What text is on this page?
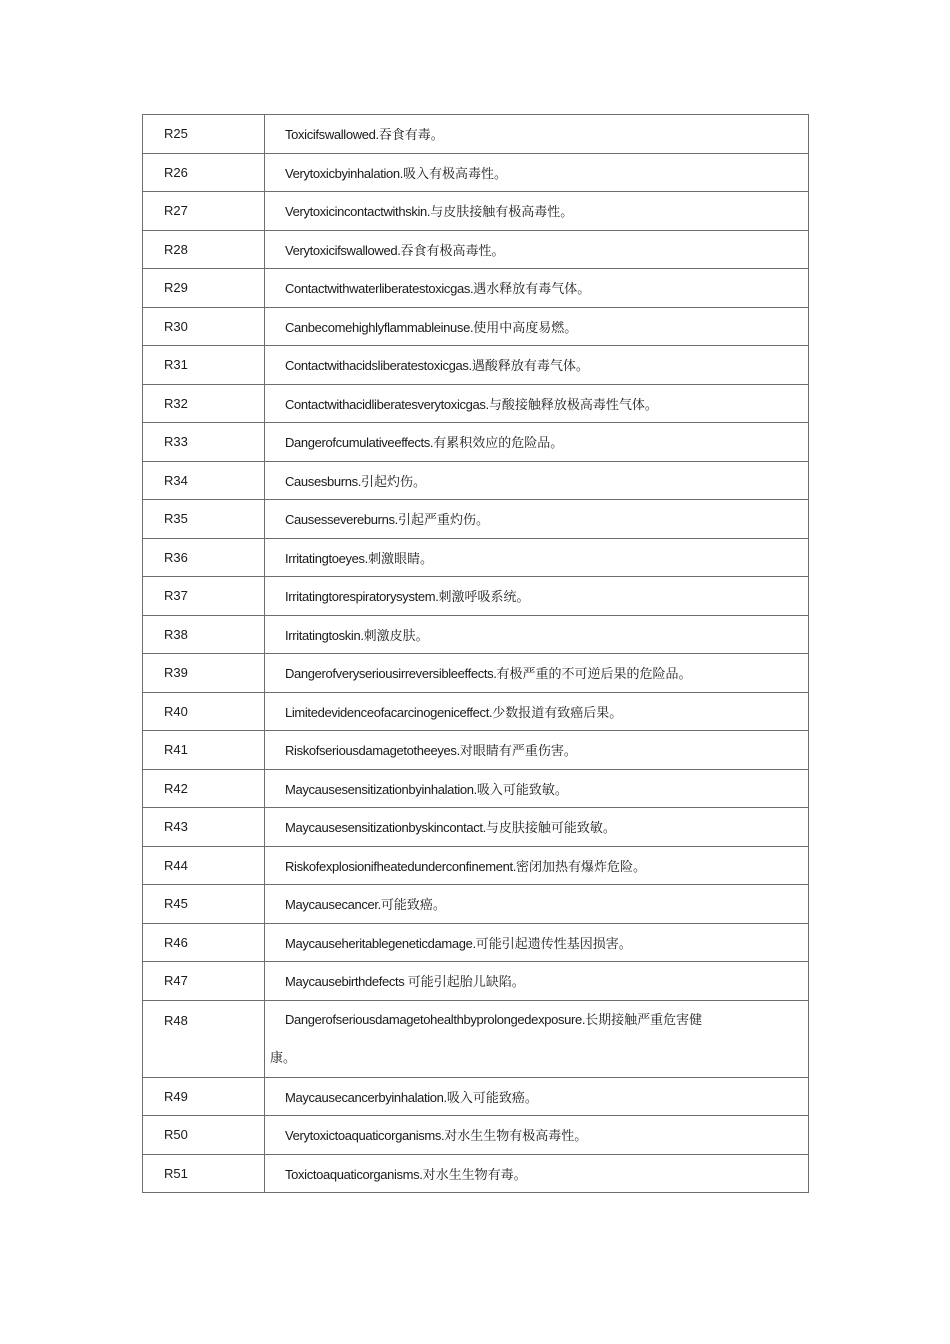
R25	Toxicifswallowed.吞食有毒。
R26	Verytoxicbyinhalation.吸入有极高毒性。
R27	Verytoxicincontactwithskin.与皮肤接触有极高毒性。
R28	Verytoxicifswallowed.吞食有极高毒性。
R29	Contactwithwaterliberatestoxicgas.遇水释放有毒气体。
R30	Canbecomehighlyflammableinuse.使用中高度易燃。
R31	Contactwithacidsliberatestoxicgas.遇酸释放有毒气体。
R32	Contactwithacidliberatesverytoxicgas.与酸接触释放极高毒性气体。
R33	Dangerofcumulativeeffects.有累积效应的危险品。
R34	Causesburns.引起灼伤。
R35	Causessevereburns.引起严重灼伤。
R36	Irritatingtoeyes.刺激眼睛。
R37	Irritatingtorespiratorysystem.刺激呼吸系统。
R38	Irritatingtoskin.刺激皮肤。
R39	Dangerofveryseriousirreversibleeffects.有极严重的不可逆后果的危险品。
R40	Limitedevidenceofacarcinogeniceffect.少数报道有致癌后果。
R41	Riskofseriousdamagetotheeyes.对眼睛有严重伤害。
R42	Maycausesensitizationbyinhalation.吸入可能致敏。
R43	Maycausesensitizationbyskincontact.与皮肤接触可能致敏。
R44	Riskofexplosionifheatedunderconfinement.密闭加热有爆炸危险。
R45	Maycausecancer.可能致癌。
R46	Maycauseheritablegeneticdamage.可能引起遗传性基因损害。
R47	Maycausebirthdefects 可能引起胎儿缺陷。
R48	Dangerofseriousdamagetohealthbyprolongedexposure.长期接触严重危害健
康。
R49	Maycausecancerbyinhalation.吸入可能致癌。
R50	Verytoxictoaquaticorganisms.对水生生物有极高毒性。
R51	Toxictoaquaticorganisms.对水生生物有毒。
